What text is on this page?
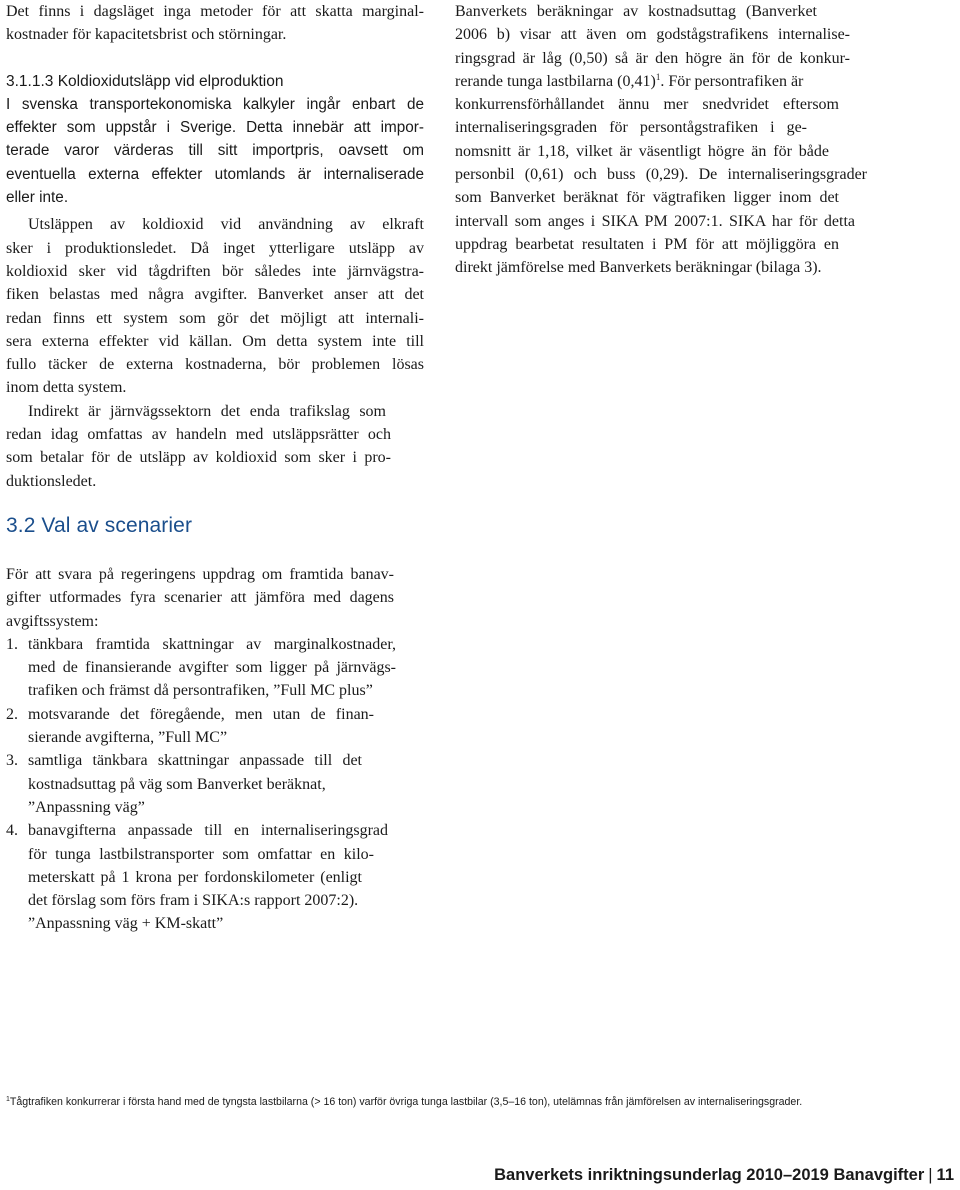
Det finns i dagsläget inga metoder för att skatta marginal-
kostnader för kapacitetsbrist och störningar.

3.1.1.3 Koldioxidutsläpp vid elproduktion

I svenska transportekonomiska kalkyler ingår enbart de
effekter som uppstår i Sverige. Detta innebär att impor-
terade varor värderas till sitt importpris, oavsett om
eventuella externa effekter utomlands är internaliserade
eller inte.

Utsläppen av koldioxid vid användning av elkraft
sker i produktionsledet. Då inget ytterligare utsläpp av
koldioxid sker vid tågdriften bör således inte järnvägstra-
fiken belastas med några avgifter. Banverket anser att det
redan finns ett system som gör det möjligt att internali-
sera externa effekter vid källan. Om detta system inte till
fullo täcker de externa kostnaderna, bör problemen lösas
inom detta system.

Indirekt är järnvägssektorn det enda trafikslag som
redan idag omfattas av handeln med utsläppsrätter och
som betalar för de utsläpp av koldioxid som sker i pro-
duktionsledet.

3.2 Val av scenarier

För att svara på regeringens uppdrag om framtida banav-
gifter utformades fyra scenarier att jämföra med dagens
avgiftssystem:

1. tänkbara framtida skattningar av marginalkostnader,
med de finansierande avgifter som ligger på järnvägs-
trafiken och främst då persontrafiken, ”Full MC plus”
2. motsvarande det föregående, men utan de finan-
sierande avgifterna, ”Full MC”
3. samtliga tänkbara skattningar anpassade till det
kostnadsuttag på väg som Banverket beräknat,
”Anpassning väg”
4. banavgifterna anpassade till en internaliseringsgrad
för tunga lastbilstransporter som omfattar en kilo-
meterskatt på 1 krona per fordonskilometer (enligt
det förslag som förs fram i SIKA:s rapport 2007:2).
”Anpassning väg + KM-skatt”

Banverkets beräkningar av kostnadsuttag (Banverket
2006 b) visar att även om godstågstrafikens internalise-
ringsgrad är låg (0,50) så är den högre än för de konkur-
rerande tunga lastbilarna (0,41)$^1$. För persontrafiken är
konkurrensförhållandet ännu mer snedvridet eftersom
internaliseringsgraden för persontågstrafiken i ge-
nomsnitt är 1,18, vilket är väsentligt högre än för både
personbil (0,61) och buss (0,29). De internaliseringsgrader
som Banverket beräknat för vägtrafiken ligger inom det
intervall som anges i SIKA PM 2007:1. SIKA har för detta
uppdrag bearbetat resultaten i PM för att möjliggöra en
direkt jämförelse med Banverkets beräkningar (bilaga 3).

$^1$Tågtrafiken konkurrerar i första hand med de tyngsta lastbilarna (> 16 ton) varför övriga tunga lastbilar (3,5–16 ton), utelämnas från jämförelsen av internaliseringsgrader.
Banverkets inriktningsunderlag 2010–2019 Banavgifter | 11
